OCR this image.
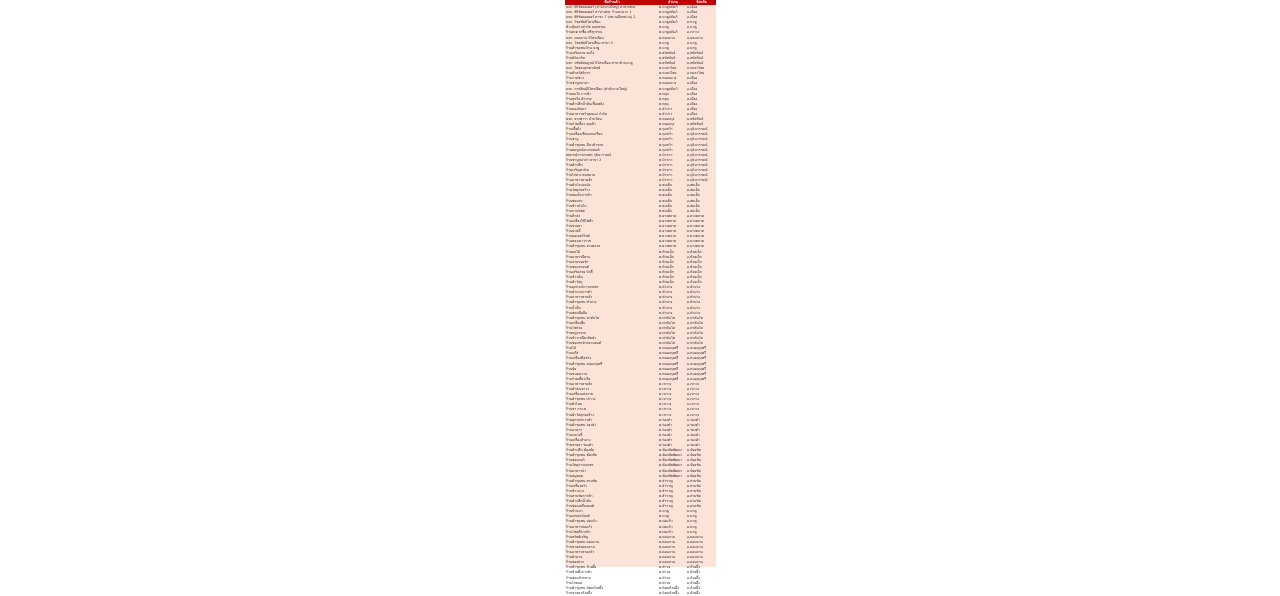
ชื่อร้านค้า	อำเภอ	จังหวัด
บจก. ศิริชัยมอเตอร์ (สำนักงานใหญ่) สาขาปตท.	ต.นาคูปถัมภ์	อ.เมือง
บจก. ศิริชัยมอเตอร์ สาขาปตท. ร้านสะดวก 1	ต.นาคูปถัมภ์	อ.เมือง
บจก. ศิริชัยมอเตอร์ สาขา 7 (เซเว่นอีเลฟเว่น) 2	ต.นาคูปถัมภ์	อ.เมือง
บจก. โชคชัยปิโตรเลียม	ต.นาคูปถัมภ์	อ.นาคู
ห้างหุ้นส่วนจำกัด ธนพรรณ	ต.นาคู	อ.นาคู
ร้านสะดวกซื้อ ศรีสุวรรณ	ต.นาคูปถัมภ์	อ.เขาวง
บจก. ดอนจาน ปิโตรเลียม	ต.ดอนจาน	อ.ดอนจาน
บจก. โชคชัยปิโตรเลียม สาขา 2	ต.นาคู	อ.นาคู
ร้านค้าชุมชนบ้าน นาคู	ต.นาคู	อ.นาคู
ร้านเสริมสวย สมใจ	ต.สหัสขันธ์	อ.สหัสขันธ์
ร้านมินิมาร์ท	ต.สหัสขันธ์	อ.สหัสขันธ์
บจก. ทรัพย์สมบูรณ์ ปิโตรเลียม สาขาบ้านนาคู	ต.สหัสขันธ์	อ.สหัสขันธ์
บจก. ไทยสมุทรพาณิชย์	ต.กมลาไสย	อ.กมลาไสย
ร้านค้าสวัสดิการ	ต.กมลาไสย	อ.กมลาไสย
ร้านรวมช่าง	ต.หนองแวง	อ.เมือง
ร้านชาบูหม่าล่า	ต.หนองแวง	อ.เมือง
บจก. กาฬสินธุ์ปิโตรเลียม (สำนักงานใหญ่)	ต.นาคูปถัมภ์	อ.เมือง
ร้านสมใจ การค้า	ต.หลุบ	อ.เมือง
ร้านสุขใจ ค้าขาย	ต.หลุบ	อ.เมือง
ร้านค้าปลีกน้ำมันเชื้อเพลิง	ต.หลุบ	อ.เมือง
ร้านทองจินดา	ต.ลำปาว	อ.เมือง
ร้านอาหารครัวคุณแม่ จำกัด	ต.ลำปาว	อ.เมือง
หจก. ยางพารา บ้านโพน	ต.หนองกุง	อ.สหัสขันธ์
ร้านก๋วยเตี๋ยว คุณป้า	ต.หนองกุง	อ.สหัสขันธ์
ร้านเสื้อผ้า	ต.กุดหว้า	อ.กุฉินารายณ์
ร้านเครื่องเขียนแบบเรียน	ต.กุดหว้า	อ.กุฉินารายณ์
ร้านชาบู	ต.กุดหว้า	อ.กุฉินารายณ์
ร้านค้าชุมชน มีนาค้าขาย	ต.กุดหว้า	อ.กุฉินารายณ์
ร้านสมบูรณ์ยางรถยนต์	ต.กุดหว้า	อ.กุฉินารายณ์
สหกรณ์การเกษตร กุฉินารายณ์	ต.บัวขาว	อ.กุฉินารายณ์
ร้านชาบูหม่าล่า สาขา 2	ต.บัวขาว	อ.กุฉินารายณ์
ร้านค้าปลีก	ต.บัวขาว	อ.กุฉินารายณ์
ร้านเจริญพานิช	ต.บัวขาว	อ.กุฉินารายณ์
ร้านไก่ย่าง สมหมาย	ต.บัวขาว	อ.กุฉินารายณ์
ร้านอาหารตามสั่ง	ต.บัวขาว	อ.กุฉินารายณ์
ร้านค้าบ้านดงบัง	ต.สมเด็จ	อ.สมเด็จ
ร้านวัสดุก่อสร้าง	ต.สมเด็จ	อ.สมเด็จ
ร้านสมเด็จการค้า	ต.สมเด็จ	อ.สมเด็จ
ร้านซ่อมรถ	ต.สมเด็จ	อ.สมเด็จ
ร้านข้าวมันไก่	ต.สมเด็จ	อ.สมเด็จ
ร้านกาแฟสด	ต.สมเด็จ	อ.สมเด็จ
ร้านค้าส่ง	ต.ยางตลาด	อ.ยางตลาด
ร้านเครื่องใช้ไฟฟ้า	ต.ยางตลาด	อ.ยางตลาด
ร้านขายยา	ต.ยางตลาด	อ.ยางตลาด
ร้านบะหมี่	ต.ยางตลาด	อ.ยางตลาด
ร้านมอเตอร์ไซค์	ต.ยางตลาด	อ.ยางตลาด
ร้านทองเยาวราช	ต.ยางตลาด	อ.ยางตลาด
ร้านค้าชุมชน ยางตลาด	ต.ยางตลาด	อ.ยางตลาด
ร้านผลไม้	ต.ห้วยเม็ก	อ.ห้วยเม็ก
ร้านอาหารอีสาน	ต.ห้วยเม็ก	อ.ห้วยเม็ก
ร้านขายของชำ	ต.ห้วยเม็ก	อ.ห้วยเม็ก
ร้านซ่อมรถยนต์	ต.ห้วยเม็ก	อ.ห้วยเม็ก
ร้านเสริมสวย บิวตี้	ต.ห้วยเม็ก	อ.ห้วยเม็ก
ร้านข้าวต้ม	ต.ห้วยเม็ก	อ.ห้วยเม็ก
ร้านค้าวัสดุ	ต.ห้วยเม็ก	อ.ห้วยเม็ก
ร้านอุปกรณ์การเกษตร	ต.คำม่วง	อ.คำม่วง
ร้านคำม่วงการค้า	ต.คำม่วง	อ.คำม่วง
ร้านอาหารตามสั่ง	ต.คำม่วง	อ.คำม่วง
ร้านค้าชุมชน คำม่วง	ต.คำม่วง	อ.คำม่วง
ร้านน้ำดื่ม	ต.คำม่วง	อ.คำม่วง
ร้านซ่อมมือถือ	ต.คำม่วง	อ.คำม่วง
ร้านค้าชุมชน ท่าคันโท	ต.ท่าคันโท	อ.ท่าคันโท
ร้านเครื่องดื่ม	ต.ท่าคันโท	อ.ท่าคันโท
ร้านโชห่วย	ต.ท่าคันโท	อ.ท่าคันโท
ร้านหมูกระทะ	ต.ท่าคันโท	อ.ท่าคันโท
ร้านข้าวเหนียวส้มตำ	ต.ท่าคันโท	อ.ท่าคันโท
ร้านซ่อมรถจักรยานยนต์	ต.ท่าคันโท	อ.ท่าคันโท
ร้านไม้	ต.หนองกุงศรี	อ.หนองกุงศรี
ร้านแก๊ส	ต.หนองกุงศรี	อ.หนองกุงศรี
ร้านเครื่องมือช่าง	ต.หนองกุงศรี	อ.หนองกุงศรี
ร้านค้าชุมชน หนองกุงศรี	ต.หนองกุงศรี	อ.หนองกุงศรี
ร้านปุ๋ย	ต.หนองกุงศรี	อ.หนองกุงศรี
ร้านขนมหวาน	ต.หนองกุงศรี	อ.หนองกุงศรี
ร้านก๋วยเตี๋ยวเรือ	ต.หนองกุงศรี	อ.หนองกุงศรี
ร้านอาหารตามสั่ง	ต.เขาวง	อ.เขาวง
ร้านค้าส่งเขาวง	ต.เขาวง	อ.เขาวง
ร้านเครื่องแต่งกาย	ต.เขาวง	อ.เขาวง
ร้านค้าชุมชน เขาวง	ต.เขาวง	อ.เขาวง
ร้านผ้าไหม	ต.เขาวง	อ.เขาวง
ร้านชา กาแฟ	ต.เขาวง	อ.เขาวง
ร้านค้าวัสดุก่อสร้าง	ต.เขาวง	อ.เขาวง
ร้านสุภาพรการค้า	ต.ร่องคำ	อ.ร่องคำ
ร้านค้าชุมชน ร่องคำ	ต.ร่องคำ	อ.ร่องคำ
ร้านอาหาร	ต.ร่องคำ	อ.ร่องคำ
ร้านเบเกอรี่	ต.ร่องคำ	อ.ร่องคำ
ร้านเครื่องสำอาง	ต.ร่องคำ	อ.ร่องคำ
ร้านขายยา ร่องคำ	ต.ร่องคำ	อ.ร่องคำ
ร้านค้าปลีก ฆ้องชัย	ต.ฆ้องชัยพัฒนา	อ.ฆ้องชัย
ร้านค้าชุมชน ฆ้องชัย	ต.ฆ้องชัยพัฒนา	อ.ฆ้องชัย
ร้านซ่อมแอร์	ต.ฆ้องชัยพัฒนา	อ.ฆ้องชัย
ร้านวัสดุการเกษตร	ต.ฆ้องชัยพัฒนา	อ.ฆ้องชัย
ร้านอาหารป่า	ต.ฆ้องชัยพัฒนา	อ.ฆ้องชัย
ร้านหมูทอด	ต.ฆ้องชัยพัฒนา	อ.ฆ้องชัย
ร้านค้าชุมชน สามชัย	ต.สำราญ	อ.สามชัย
ร้านเครื่องครัว	ต.สำราญ	อ.สามชัย
ร้านข้าวแกง	ต.สำราญ	อ.สามชัย
ร้านสามชัยการค้า	ต.สำราญ	อ.สามชัย
ร้านค้าปลีกน้ำมัน	ต.สำราญ	อ.สามชัย
ร้านซ่อมเครื่องยนต์	ต.สำราญ	อ.สามชัย
ร้านบ้านนา	ต.นาคู	อ.นาคู
ร้านเกษตรภัณฑ์	ต.นาคู	อ.นาคู
ร้านค้าชุมชน บ่อแก้ว	ต.บ่อแก้ว	อ.นาคู
ร้านอาหารบ่อแก้ว	ต.บ่อแก้ว	อ.นาคู
ร้านโชคดีการค้า	ต.บ่อแก้ว	อ.นาคู
ร้านทรัพย์เจริญ	ต.ดอนจาน	อ.ดอนจาน
ร้านค้าชุมชน ดอนจาน	ต.ดอนจาน	อ.ดอนจาน
ร้านขายส่งดอนจาน	ต.ดอนจาน	อ.ดอนจาน
ร้านอาหารสวนครัว	ต.ดอนจาน	อ.ดอนจาน
ร้านผ้าม่าน	ต.ดอนจาน	อ.ดอนจาน
ร้านของฝาก	ต.ดอนจาน	อ.ดอนจาน
ร้านค้าชุมชน ห้วยผึ้ง	ต.คำบง	อ.ห้วยผึ้ง
ร้านห้วยผึ้งการค้า	ต.คำบง	อ.ห้วยผึ้ง
ร้านซ่อมจักรยาน	ต.คำบง	อ.ห้วยผึ้ง
ร้านไก่ทอด	ต.คำบง	อ.ห้วยผึ้ง
ร้านค้าชุมชน นิคมห้วยผึ้ง	ต.นิคมห้วยผึ้ง	อ.ห้วยผึ้ง
ร้านขายยาห้วยผึ้ง	ต.นิคมห้วยผึ้ง	อ.ห้วยผึ้ง
